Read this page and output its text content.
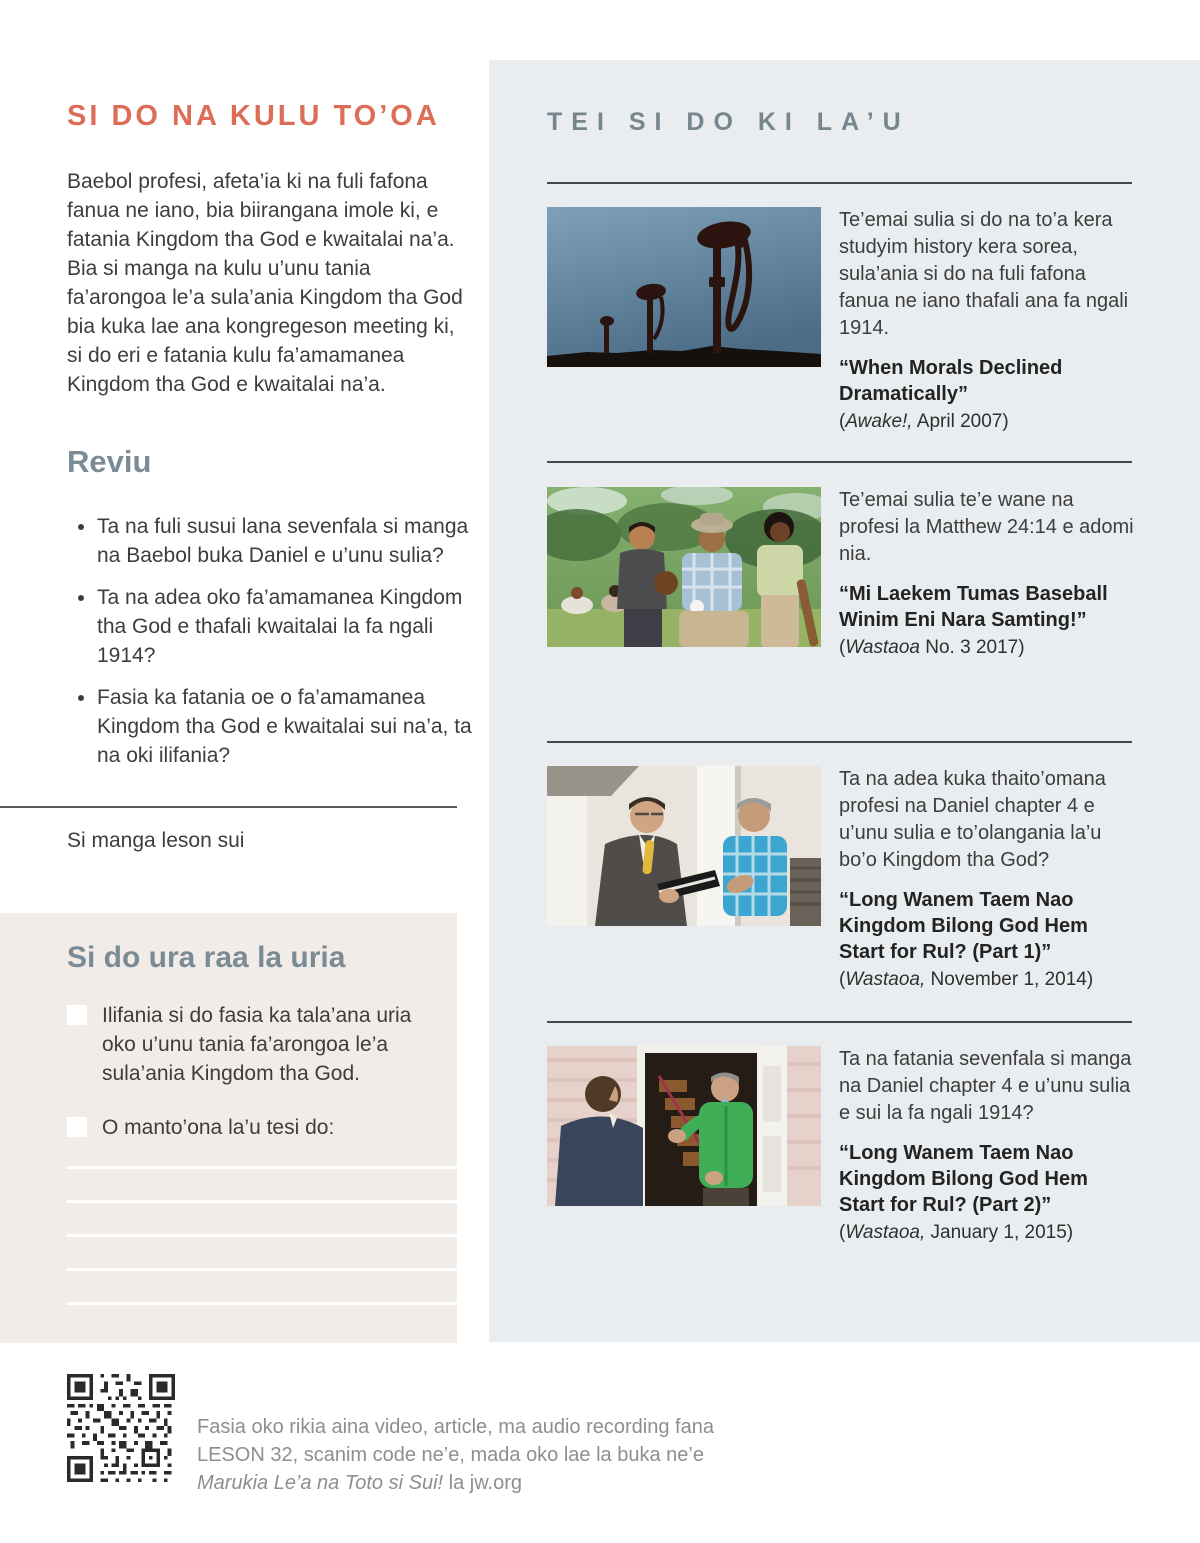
SI DO NA KULU TO’OA

Baebol profesi, afeta’ia ki na fuli fafona fanua ne iano, bia biirangana imole ki, e fatania Kingdom tha God e kwaitalai na’a. Bia si manga na kulu u’unu tania fa’arongoa le’a sula’ania Kingdom tha God bia kuka lae ana kongregeson meeting ki, si do eri e fatania kulu fa’amamanea Kingdom tha God e kwaitalai na’a.

Reviu
• Ta na fuli susui lana sevenfala si manga na Baebol buka Daniel e u’unu sulia?
• Ta na adea oko fa’amamanea Kingdom tha God e thafali kwaitalai la fa ngali 1914?
• Fasia ka fatania oe o fa’amamanea Kingdom tha God e kwaitalai sui na’a, ta na oki ilifania?

Si manga leson sui

Si do ura raa la uria

Ilifania si do fasia ka tala’ana uria oko u’unu tania fa’arongoa le’a sula’ania Kingdom tha God.

O manto’ona la’u tesi do:

Fasia oko rikia aina video, article, ma audio recording fana
LESON 32, scanim code ne’e, mada oko lae la buka ne’e
Marukia Le’a na Toto si Sui! la jw.org

TEI SI DO KI LA’U

Te’emai sulia si do na to’a kera studyim history kera sorea, sula’ania si do na fuli fafona fanua ne iano thafali ana fa ngali 1914.

“When Morals Declined Dramatically”

(Awake!, April 2007)

Te’emai sulia te’e wane na profesi la Matthew 24:14 e adomi nia.

“Mi Laekem Tumas Baseball Winim Eni Nara Samting!”

(Wastaoa No. 3 2017)

Ta na adea kuka thaito’omana profesi na Daniel chapter 4 e u’unu sulia e to’olangania la’u bo’o Kingdom tha God?

“Long Wanem Taem Nao Kingdom Bilong God Hem Start for Rul? (Part 1)”

(Wastaoa, November 1, 2014)

Ta na fatania sevenfala si manga na Daniel chapter 4 e u’unu sulia e sui la fa ngali 1914?

“Long Wanem Taem Nao Kingdom Bilong God Hem Start for Rul? (Part 2)”

(Wastaoa, January 1, 2015)
